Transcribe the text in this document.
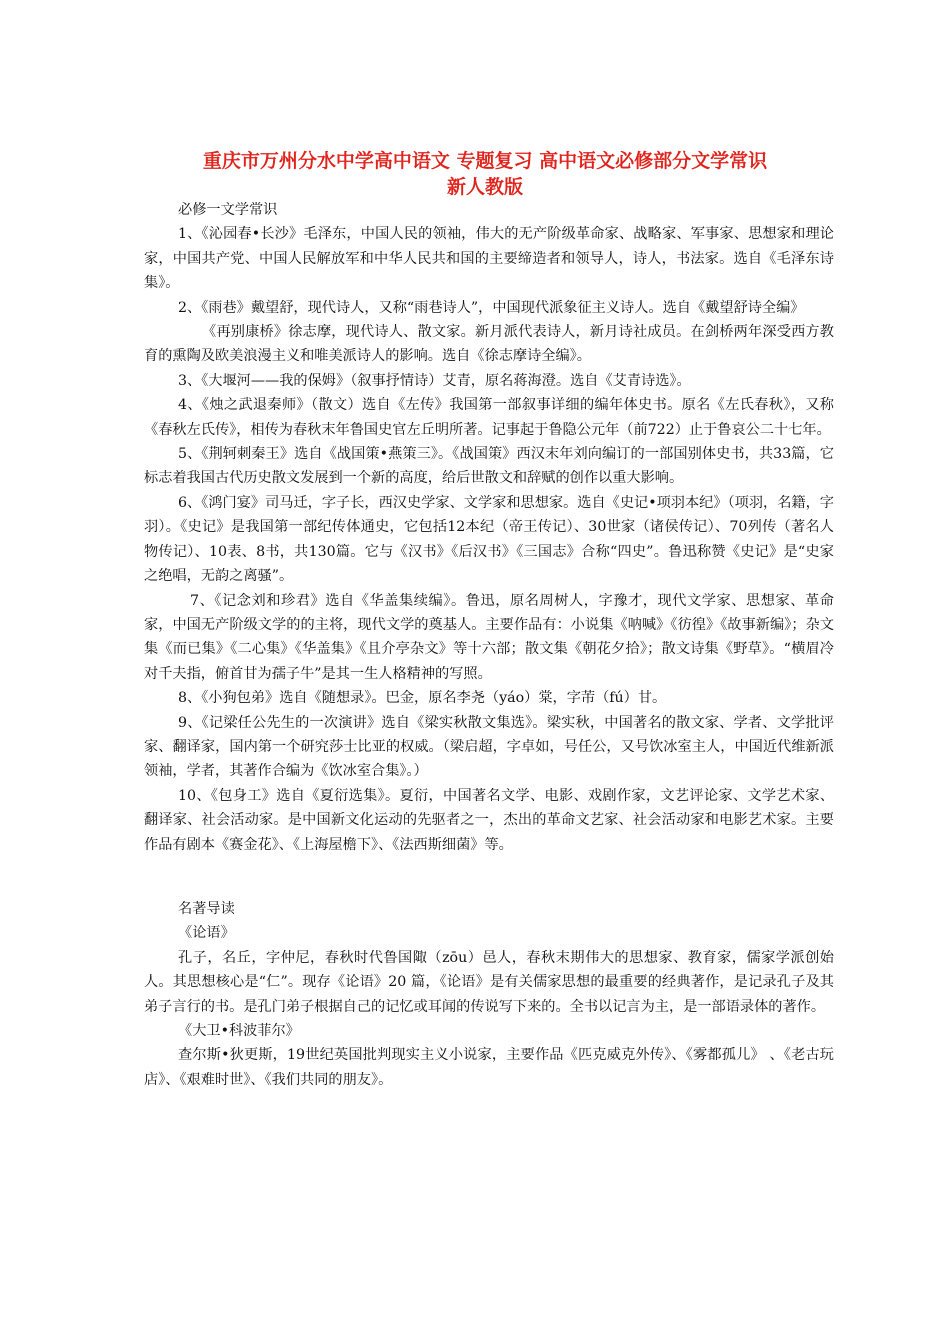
重庆市万州分水中学高中语文 专题复习 高中语文必修部分文学常识
新人教版

必修一文学常识

1、《沁园春•长沙》毛泽东，中国人民的领袖，伟大的无产阶级革命家、战略家、军事家、思想家和理论家，中国共产党、中国人民解放军和中华人民共和国的主要缔造者和领导人，诗人，书法家。选自《毛泽东诗集》。

2、《雨巷》戴望舒，现代诗人，又称“雨巷诗人”，中国现代派象征主义诗人。选自《戴望舒诗全编》

《再别康桥》徐志摩，现代诗人、散文家。新月派代表诗人，新月诗社成员。在剑桥两年深受西方教育的熏陶及欧美浪漫主义和唯美派诗人的影响。选自《徐志摩诗全编》。

3、《大堰河——我的保姆》（叙事抒情诗）艾青，原名蒋海澄。选自《艾青诗选》。

4、《烛之武退秦师》（散文）选自《左传》我国第一部叙事详细的编年体史书。原名《左氏春秋》，又称《春秋左氏传》，相传为春秋末年鲁国史官左丘明所著。记事起于鲁隐公元年（前722）止于鲁哀公二十七年。

5、《荆轲刺秦王》选自《战国策•燕策三》。《战国策》西汉末年刘向编订的一部国别体史书，共33篇，它标志着我国古代历史散文发展到一个新的高度，给后世散文和辞赋的创作以重大影响。

6、《鸿门宴》司马迁，字子长，西汉史学家、文学家和思想家。选自《史记•项羽本纪》（项羽，名籍，字羽）。《史记》是我国第一部纪传体通史，它包括12本纪（帝王传记）、30世家（诸侯传记）、70列传（著名人物传记）、10表、8书，共130篇。它与《汉书》《后汉书》《三国志》合称“四史”。鲁迅称赞《史记》是“史家之绝唱，无韵之离骚”。

7、《记念刘和珍君》选自《华盖集续编》。鲁迅，原名周树人，字豫才，现代文学家、思想家、革命家，中国无产阶级文学的的主将，现代文学的奠基人。主要作品有：小说集《呐喊》《彷徨》《故事新编》；杂文集《而已集》《二心集》《华盖集》《且介亭杂文》等十六部；散文集《朝花夕拾》；散文诗集《野草》。“横眉冷对千夫指，俯首甘为孺子牛”是其一生人格精神的写照。

8、《小狗包弟》选自《随想录》。巴金，原名李尧（yáo）棠，字芾（fú）甘。

9、《记梁任公先生的一次演讲》选自《梁实秋散文集选》。梁实秋，中国著名的散文家、学者、文学批评家、翻译家，国内第一个研究莎士比亚的权威。（梁启超，字卓如，号任公，又号饮冰室主人，中国近代维新派领袖，学者，其著作合编为《饮冰室合集》。）

10、《包身工》选自《夏衍选集》。夏衍，中国著名文学、电影、戏剧作家，文艺评论家、文学艺术家、翻译家、社会活动家。是中国新文化运动的先驱者之一，杰出的革命文艺家、社会活动家和电影艺术家。主要作品有剧本《赛金花》、《上海屋檐下》、《法西斯细菌》等。

名著导读

《论语》

孔子，名丘，字仲尼，春秋时代鲁国陬（zōu）邑人，春秋末期伟大的思想家、教育家，儒家学派创始人。其思想核心是“仁”。现存《论语》20 篇，《论语》是有关儒家思想的最重要的经典著作，是记录孔子及其弟子言行的书。是孔门弟子根据自己的记忆或耳闻的传说写下来的。全书以记言为主，是一部语录体的著作。

《大卫•科波菲尔》

查尔斯•狄更斯，19世纪英国批判现实主义小说家，主要作品《匹克威克外传》、《雾都孤儿》 、《老古玩店》、《艰难时世》、《我们共同的朋友》。
